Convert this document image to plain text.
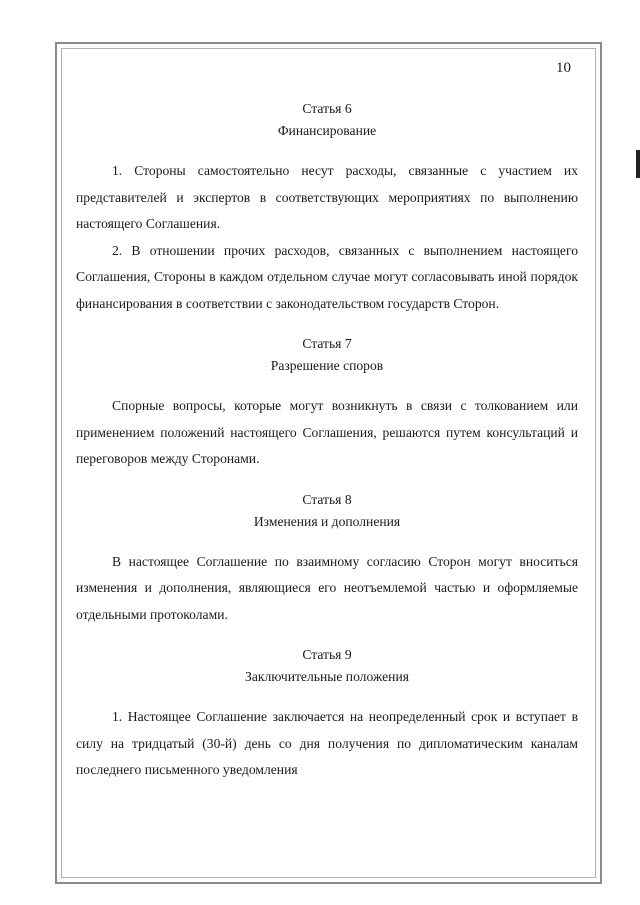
10
Статья 6
Финансирование

1. Стороны самостоятельно несут расходы, связанные с участием их представителей и экспертов в соответствующих мероприятиях по выполнению настоящего Соглашения.

2. В отношении прочих расходов, связанных с выполнением настоящего Соглашения, Стороны в каждом отдельном случае могут согласовывать иной порядок финансирования в соответствии с законодательством государств Сторон.

Статья 7
Разрешение споров

Спорные вопросы, которые могут возникнуть в связи с толкованием или применением положений настоящего Соглашения, решаются путем консультаций и переговоров между Сторонами.

Статья 8
Изменения и дополнения

В настоящее Соглашение по взаимному согласию Сторон могут вноситься изменения и дополнения, являющиеся его неотъемлемой частью и оформляемые отдельными протоколами.

Статья 9
Заключительные положения

1. Настоящее Соглашение заключается на неопределенный срок и вступает в силу на тридцатый (30-й) день со дня получения по дипломатическим каналам последнего письменного уведомления
